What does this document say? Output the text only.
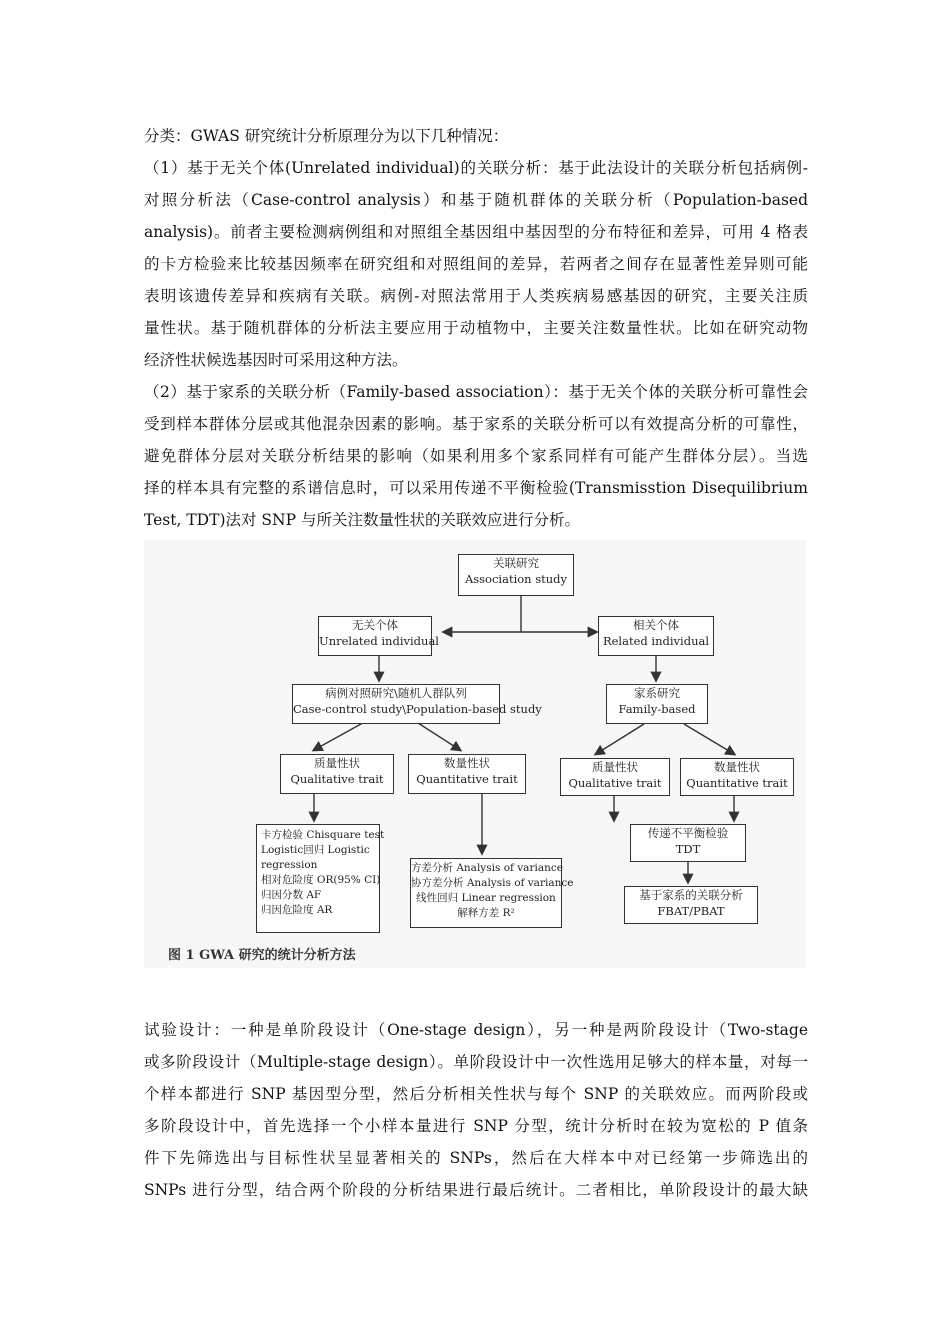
分类：GWAS 研究统计分析原理分为以下几种情况：
（1）基于无关个体(Unrelated individual)的关联分析：基于此法设计的关联分析包括病例-
对照分析法（Case-control analysis）和基于随机群体的关联分析（Population-based
analysis)。前者主要检测病例组和对照组全基因组中基因型的分布特征和差异，可用 4 格表
的卡方检验来比较基因频率在研究组和对照组间的差异，若两者之间存在显著性差异则可能
表明该遗传差异和疾病有关联。病例-对照法常用于人类疾病易感基因的研究，主要关注质
量性状。基于随机群体的分析法主要应用于动植物中，主要关注数量性状。比如在研究动物
经济性状候选基因时可采用这种方法。
（2）基于家系的关联分析（Family-based association）：基于无关个体的关联分析可靠性会
受到样本群体分层或其他混杂因素的影响。基于家系的关联分析可以有效提高分析的可靠性，
避免群体分层对关联分析结果的影响（如果利用多个家系同样有可能产生群体分层）。当选
择的样本具有完整的系谱信息时，可以采用传递不平衡检验(Transmisstion Disequilibrium
Test, TDT)法对 SNP 与所关注数量性状的关联效应进行分析。
关联研究
Association study
无关个体
Unrelated individual
相关个体
Related individual
病例对照研究\随机人群队列
Case-control study\Population-based study
家系研究
Family-based
质量性状
Qualitative trait
数量性状
Quantitative trait
质量性状
Qualitative trait
数量性状
Quantitative trait
卡方检验 Chisquare test
Logistic回归 Logistic
regression
相对危险度 OR(95% CI)
归因分数 AF
归因危险度 AR
方差分析 Analysis of variance
协方差分析 Analysis of variance
线性回归 Linear regression
解释方差 R²
传递不平衡检验
TDT
基于家系的关联分析
FBAT/PBAT
图 1 GWA 研究的统计分析方法
试验设计：一种是单阶段设计（One-stage design），另一种是两阶段设计（Two-stage
或多阶段设计（Multiple-stage design）。单阶段设计中一次性选用足够大的样本量，对每一
个样本都进行 SNP 基因型分型，然后分析相关性状与每个 SNP 的关联效应。而两阶段或
多阶段设计中，首先选择一个小样本量进行 SNP 分型，统计分析时在较为宽松的 P 值条
件下先筛选出与目标性状呈显著相关的 SNPs，然后在大样本中对已经第一步筛选出的
SNPs 进行分型，结合两个阶段的分析结果进行最后统计。二者相比，单阶段设计的最大缺
